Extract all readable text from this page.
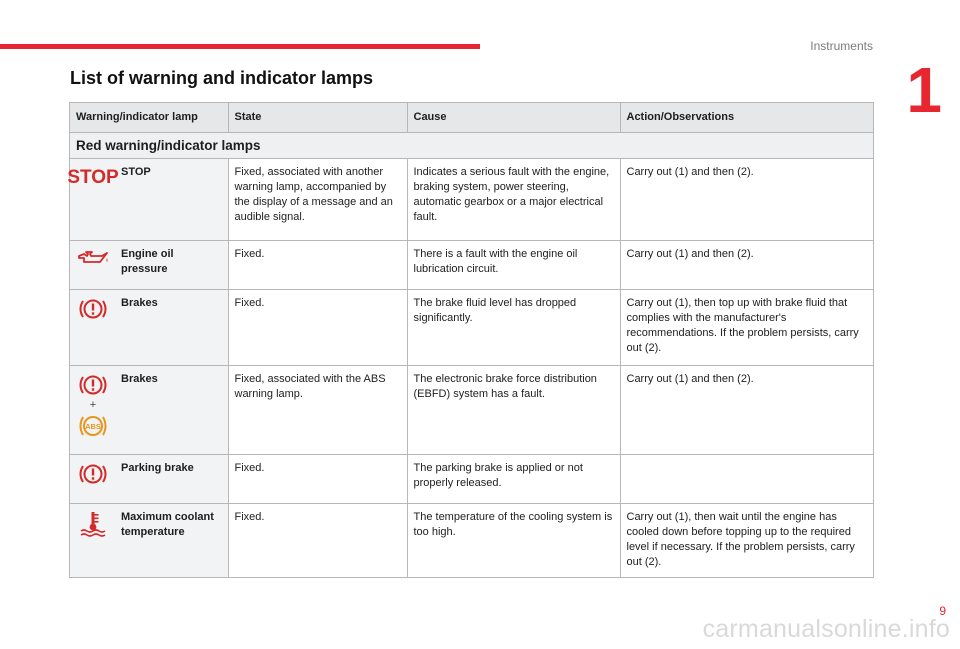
Instruments
1
List of warning and indicator lamps
Warning/indicator lamp		State	Cause	Action/Observations
Red warning/indicator lamps				

STOP	STOP	Fixed, associated with another warning lamp, accompanied by the display of a message and an audible signal.	Indicates a serious fault with the engine, braking system, power steering, automatic gearbox or a major electrical fault.	Carry out (1) and then (2).
	Engine oil pressure	Fixed.	There is a fault with the engine oil lubrication circuit.	Carry out (1) and then (2).
	Brakes	Fixed.	The brake fluid level has dropped significantly.	Carry out (1), then top up with brake fluid that complies with the manufacturer's recommendations. If the problem persists, carry out (2).

+
ABS	Brakes	Fixed, associated with the ABS warning lamp.	The electronic brake force distribution (EBFD) system has a fault.	Carry out (1) and then (2).
	Parking brake	Fixed.	The parking brake is applied or not properly released.	
	Maximum coolant temperature	Fixed.	The temperature of the cooling system is too high.	Carry out (1), then wait until the engine has cooled down before topping up to the required level if necessary. If the problem persists, carry out (2).
9
carmanualsonline.info
